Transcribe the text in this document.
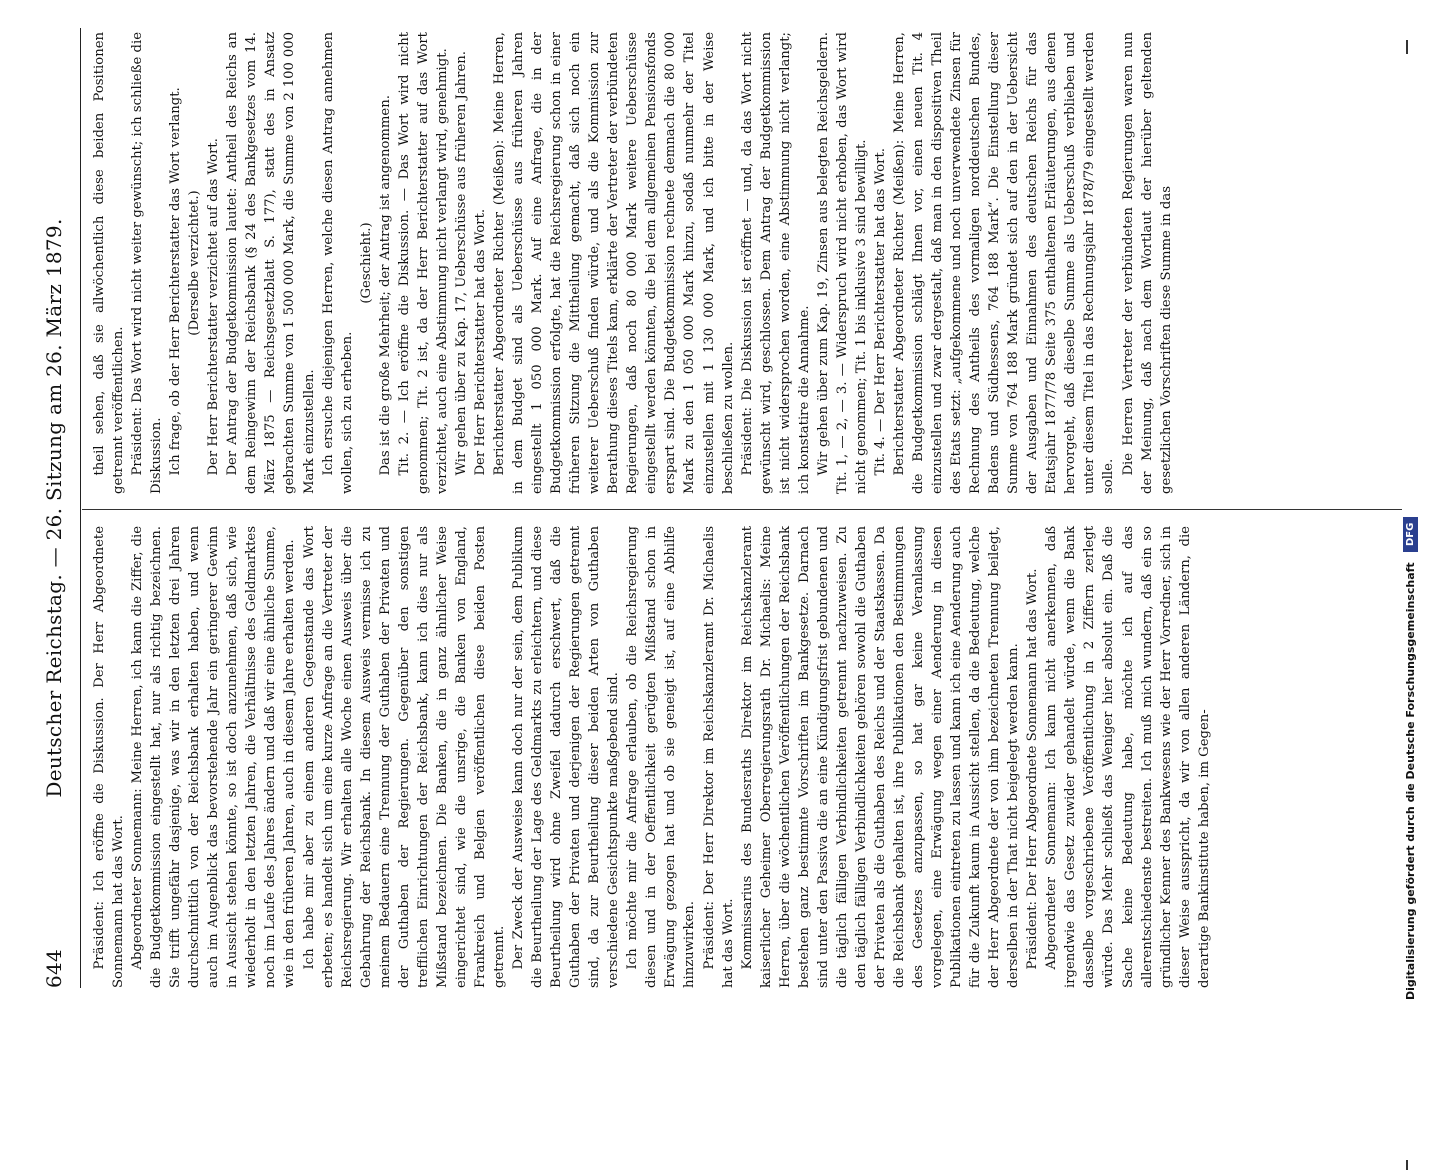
644
Deutscher Reichstag. — 26. Sitzung am 26. März 1879. Präsident: Ich eröffne die Diskussion. Der Herr Abgeordnete Sonnemann hat das Wort. Abgeordneter Sonnemann: Meine Herren, ich kann die Ziffer, die die Budgetkommission eingestellt hat, nur als richtig bezeichnen. Sie trifft ungefähr dasjenige, was wir in den letzten drei Jahren durchschnittlich von der Reichsbank erhalten haben, und wenn auch im Augenblick das bevorstehende Jahr ein geringerer Gewinn in Aussicht stehen könnte, so ist doch anzunehmen, daß sich, wie wiederholt in den letzten Jahren, die Verhältnisse des Geldmarktes noch im Laufe des Jahres ändern und daß wir eine ähnliche Summe, wie in den früheren Jahren, auch in diesem Jahre erhalten werden. Ich habe mir aber zu einem anderen Gegenstande das Wort erbeten; es handelt sich um eine kurze Anfrage an die Vertreter der Reichsregierung. Wir erhalten alle Woche einen Ausweis über die Gebahrung der Reichsbank. In diesem Ausweis vermisse ich zu meinem Bedauern eine Trennung der Guthaben der Privaten und der Guthaben der Regierungen. Gegenüber den sonstigen trefflichen Einrichtungen der Reichsbank, kann ich dies nur als Mißstand bezeichnen. Die Banken, die in ganz ähnlicher Weise eingerichtet sind, wie die unsrige, die Banken von England, Frankreich und Belgien veröffentlichen diese beiden Posten getrennt. Der Zweck der Ausweise kann doch nur der sein, dem Publikum die Beurtheilung der Lage des Geldmarkts zu erleichtern, und diese Beurtheilung wird ohne Zweifel dadurch erschwert, daß die Guthaben der Privaten und derjenigen der Regierungen getrennt sind, da zur Beurtheilung dieser beiden Arten von Guthaben verschiedene Gesichtspunkte maßgebend sind. Ich möchte mir die Anfrage erlauben, ob die Reichsregierung diesen und in der Oeffentlichkeit gerügten Mißstand schon in Erwägung gezogen hat und ob sie geneigt ist, auf eine Abhilfe hinzuwirken. Präsident: Der Herr Direktor im Reichskanzleramt Dr. Michaelis hat das Wort. Kommissarius des Bundesraths Direktor im Reichskanzleramt kaiserlicher Geheimer Oberregierungsrath Dr. Michaelis: Meine Herren, über die wöchentlichen Veröffentlichungen der Reichsbank bestehen ganz bestimmte Vorschriften im Bankgesetze. Darnach sind unter den Passiva die an eine Kündigungsfrist gebundenen und die täglich fälligen Verbindlichkeiten getrennt nachzuweisen. Zu den täglich fälligen Verbindlichkeiten gehören sowohl die Guthaben der Privaten als die Guthaben des Reichs und der Staatskassen. Da die Reichsbank gehalten ist, ihre Publikationen den Bestimmungen des Gesetzes anzupassen, so hat gar keine Veranlassung vorgelegen, eine Erwägung wegen einer Aenderung in diesen Publikationen eintreten zu lassen und kann ich eine Aenderung auch für die Zukunft kaum in Aussicht stellen, da die Bedeutung, welche der Herr Abgeordnete der von ihm bezeichneten Trennung beilegt, derselben in der That nicht beigelegt werden kann. Präsident: Der Herr Abgeordnete Sonnemann hat das Wort. Abgeordneter Sonnemann: Ich kann nicht anerkennen, daß irgendwie das Gesetz zuwider gehandelt würde, wenn die Bank dasselbe vorgeschriebene Veröffentlichung in 2 Ziffern zerlegt würde. Das Mehr schließt das Weniger hier absolut ein. Daß die Sache keine Bedeutung habe, möchte ich auf das allerentschiedenste bestreiten. Ich muß mich wundern, daß ein so gründlicher Kenner des Bankwesens wie der Herr Vorredner, sich in dieser Weise ausspricht, da wir von allen anderen Ländern, die derartige Bankinstitute haben, im Gegen-

theil sehen, daß sie allwöchentlich diese beiden Positionen getrennt veröffentlichen. Präsident: Das Wort wird nicht weiter gewünscht; ich schließe die Diskussion. Ich frage, ob der Herr Berichterstatter das Wort verlangt. (Derselbe verzichtet.) Der Herr Berichterstatter verzichtet auf das Wort. Der Antrag der Budgetkommission lautet: Antheil des Reichs an dem Reingewinn der Reichsbank (§ 24 des Bankgesetzes vom 14. März 1875 — Reichsgesetzblatt S. 177), statt des in Ansatz gebrachten Summe von 1 500 000 Mark, die Summe von 2 100 000 Mark einzustellen. Ich ersuche diejenigen Herren, welche diesen Antrag annehmen wollen, sich zu erheben.

(Geschieht.) Das ist die große Mehrheit; der Antrag ist angenommen. Tit. 2. — Ich eröffne die Diskussion. — Das Wort wird nicht genommen; Tit. 2 ist, da der Herr Berichterstatter auf das Wort verzichtet, auch eine Abstimmung nicht verlangt wird, genehmigt. Wir gehen über zu Kap. 17, Ueberschüsse aus früheren Jahren. Der Herr Berichterstatter hat das Wort. Berichterstatter Abgeordneter Richter (Meißen): Meine Herren, in dem Budget sind als Ueberschüsse aus früheren Jahren eingestellt 1 050 000 Mark. Auf eine Anfrage, die in der Budgetkommission erfolgte, hat die Reichsregierung schon in einer früheren Sitzung die Mittheilung gemacht, daß sich noch ein weiterer Ueberschuß finden würde, und als die Kommission zur Berathung dieses Titels kam, erklärte der Vertreter der verbündeten Regierungen, daß noch 80 000 Mark weitere Ueberschüsse eingestellt werden könnten, die bei dem allgemeinen Pensionsfonds erspart sind. Die Budgetkommission rechnete demnach die 80 000 Mark zu den 1 050 000 Mark hinzu, sodaß nunmehr der Titel einzustellen mit 1 130 000 Mark, und ich bitte in der Weise beschließen zu wollen. Präsident: Die Diskussion ist eröffnet — und, da das Wort nicht gewünscht wird, geschlossen. Dem Antrag der Budgetkommission ist nicht widersprochen worden, eine Abstimmung nicht verlangt; ich konstatire die Annahme. Wir gehen über zum Kap. 19, Zinsen aus belegten Reichsgeldern. Tit. 1, — 2, — 3. — Widerspruch wird nicht erhoben, das Wort wird nicht genommen; Tit. 1 bis inklusive 3 sind bewilligt. Tit. 4. — Der Herr Berichterstatter hat das Wort. Berichterstatter Abgeordneter Richter (Meißen): Meine Herren, die Budgetkommission schlägt Ihnen vor, einen neuen Tit. 4 einzustellen und zwar dergestalt, daß man in den dispositiven Theil des Etats setzt: „aufgekommene und noch unverwendete Zinsen für Rechnung des Antheils des vormaligen norddeutschen Bundes, Badens und Südhessens, 764 188 Mark“. Die Einstellung dieser Summe von 764 188 Mark gründet sich auf den in der Uebersicht der Ausgaben und Einnahmen des deutschen Reichs für das Etatsjahr 1877/78 Seite 375 enthaltenen Erläuterungen, aus denen hervorgeht, daß dieselbe Summe als Ueberschuß verblieben und unter diesem Titel in das Rechnungsjahr 1878/79 eingestellt werden solle.

Die Herren Vertreter der verbündeten Regierungen waren nun der Meinung, daß nach dem Wortlaut der hierüber geltenden gesetzlichen Vorschriften diese Summe in das

Digitalisierung gefördert durch die Deutsche Forschungsgemeinschaft DFG
